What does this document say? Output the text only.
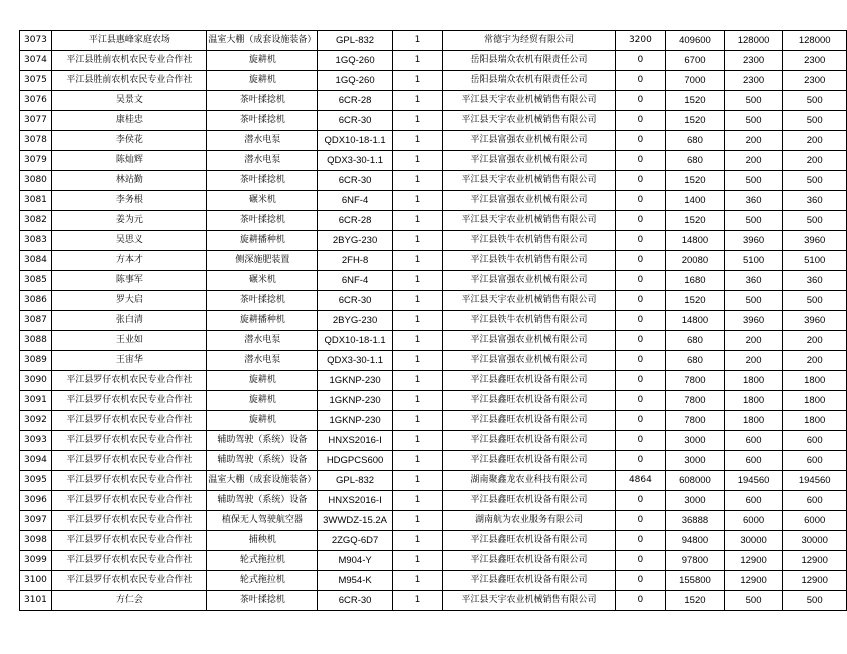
3073	平江县惠峰家庭农场	温室大棚（成套设施装备）	GPL-832	1	常德宇为经贸有限公司	3200	409600	128000	128000
3074	平江县胜前农机农民专业合作社	旋耕机	1GQ-260	1	岳阳县瑞众农机有限责任公司	0	6700	2300	2300
3075	平江县胜前农机农民专业合作社	旋耕机	1GQ-260	1	岳阳县瑞众农机有限责任公司	0	7000	2300	2300
3076	吴景文	茶叶揉捻机	6CR-28	1	平江县天宇农业机械销售有限公司	0	1520	500	500
3077	康桂忠	茶叶揉捻机	6CR-30	1	平江县天宇农业机械销售有限公司	0	1520	500	500
3078	李侯花	潜水电泵	QDX10-18-1.1	1	平江县富强农业机械有限公司	0	680	200	200
3079	陈灿辉	潜水电泵	QDX3-30-1.1	1	平江县富强农业机械有限公司	0	680	200	200
3080	林站勤	茶叶揉捻机	6CR-30	1	平江县天宇农业机械销售有限公司	0	1520	500	500
3081	李务根	碾米机	6NF-4	1	平江县富强农业机械有限公司	0	1400	360	360
3082	姜为元	茶叶揉捻机	6CR-28	1	平江县天宇农业机械销售有限公司	0	1520	500	500
3083	吴思义	旋耕播种机	2BYG-230	1	平江县铁牛农机销售有限公司	0	14800	3960	3960
3084	方本才	侧深施肥装置	2FH-8	1	平江县铁牛农机销售有限公司	0	20080	5100	5100
3085	陈事军	碾米机	6NF-4	1	平江县富强农业机械有限公司	0	1680	360	360
3086	罗大启	茶叶揉捻机	6CR-30	1	平江县天宇农业机械销售有限公司	0	1520	500	500
3087	张白清	旋耕播种机	2BYG-230	1	平江县铁牛农机销售有限公司	0	14800	3960	3960
3088	王业如	潜水电泵	QDX10-18-1.1	1	平江县富强农业机械有限公司	0	680	200	200
3089	王宙华	潜水电泵	QDX3-30-1.1	1	平江县富强农业机械有限公司	0	680	200	200
3090	平江县罗仔农机农民专业合作社	旋耕机	1GKNP-230	1	平江县鑫旺农机设备有限公司	0	7800	1800	1800
3091	平江县罗仔农机农民专业合作社	旋耕机	1GKNP-230	1	平江县鑫旺农机设备有限公司	0	7800	1800	1800
3092	平江县罗仔农机农民专业合作社	旋耕机	1GKNP-230	1	平江县鑫旺农机设备有限公司	0	7800	1800	1800
3093	平江县罗仔农机农民专业合作社	辅助驾驶（系统）设备	HNXS2016-I	1	平江县鑫旺农机设备有限公司	0	3000	600	600
3094	平江县罗仔农机农民专业合作社	辅助驾驶（系统）设备	HDGPCS600	1	平江县鑫旺农机设备有限公司	0	3000	600	600
3095	平江县罗仔农机农民专业合作社	温室大棚（成套设施装备）	GPL-832	1	湖南聚鑫龙农业科技有限公司	4864	608000	194560	194560
3096	平江县罗仔农机农民专业合作社	辅助驾驶（系统）设备	HNXS2016-I	1	平江县鑫旺农机设备有限公司	0	3000	600	600
3097	平江县罗仔农机农民专业合作社	植保无人驾驶航空器	3WWDZ-15.2A	1	湖南航为农业服务有限公司	0	36888	6000	6000
3098	平江县罗仔农机农民专业合作社	捕秧机	2ZGQ-6D7	1	平江县鑫旺农机设备有限公司	0	94800	30000	30000
3099	平江县罗仔农机农民专业合作社	轮式拖拉机	M904-Y	1	平江县鑫旺农机设备有限公司	0	97800	12900	12900
3100	平江县罗仔农机农民专业合作社	轮式拖拉机	M954-K	1	平江县鑫旺农机设备有限公司	0	155800	12900	12900
3101	方仁会	茶叶揉捻机	6CR-30	1	平江县天宇农业机械销售有限公司	0	1520	500	500
